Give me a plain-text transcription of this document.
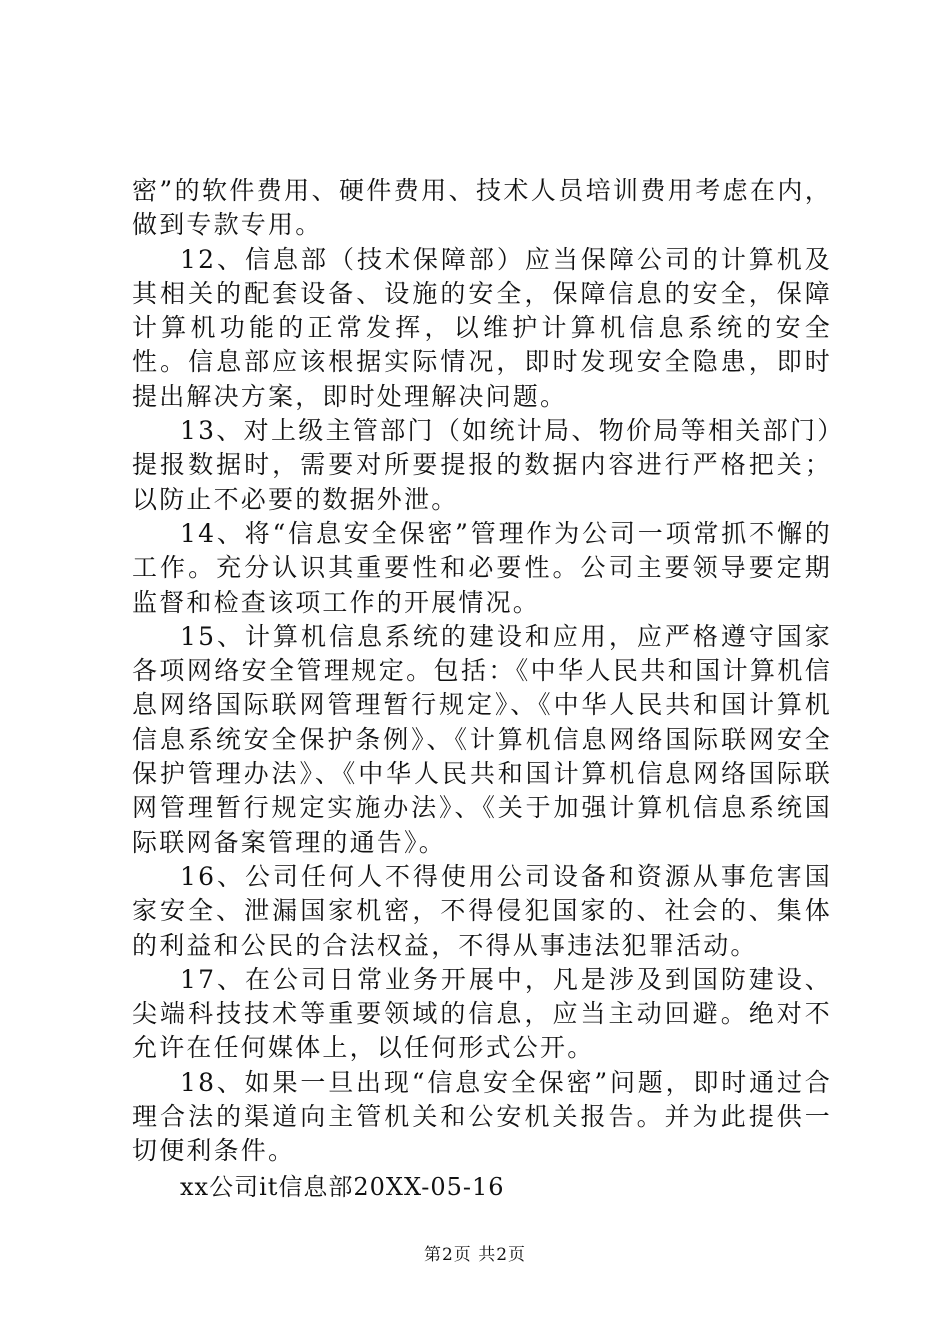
密”的软件费用、硬件费用、技术人员培训费用考虑在内，做到专款专用。

12、信息部（技术保障部）应当保障公司的计算机及其相关的配套设备、设施的安全，保障信息的安全，保障计算机功能的正常发挥，以维护计算机信息系统的安全性。信息部应该根据实际情况，即时发现安全隐患，即时提出解决方案，即时处理解决问题。

13、对上级主管部门（如统计局、物价局等相关部门）提报数据时，需要对所要提报的数据内容进行严格把关；以防止不必要的数据外泄。

14、将“信息安全保密”管理作为公司一项常抓不懈的工作。充分认识其重要性和必要性。公司主要领导要定期监督和检查该项工作的开展情况。

15、计算机信息系统的建设和应用，应严格遵守国家各项网络安全管理规定。包括：《中华人民共和国计算机信息网络国际联网管理暂行规定》、《中华人民共和国计算机信息系统安全保护条例》、《计算机信息网络国际联网安全保护管理办法》、《中华人民共和国计算机信息网络国际联网管理暂行规定实施办法》、《关于加强计算机信息系统国际联网备案管理的通告》。

16、公司任何人不得使用公司设备和资源从事危害国家安全、泄漏国家机密，不得侵犯国家的、社会的、集体的利益和公民的合法权益，不得从事违法犯罪活动。

17、在公司日常业务开展中，凡是涉及到国防建设、尖端科技技术等重要领域的信息，应当主动回避。绝对不允许在任何媒体上，以任何形式公开。

18、如果一旦出现“信息安全保密”问题，即时通过合理合法的渠道向主管机关和公安机关报告。并为此提供一切便利条件。

xx公司it信息部20XX-05-16
第2页 共2页
